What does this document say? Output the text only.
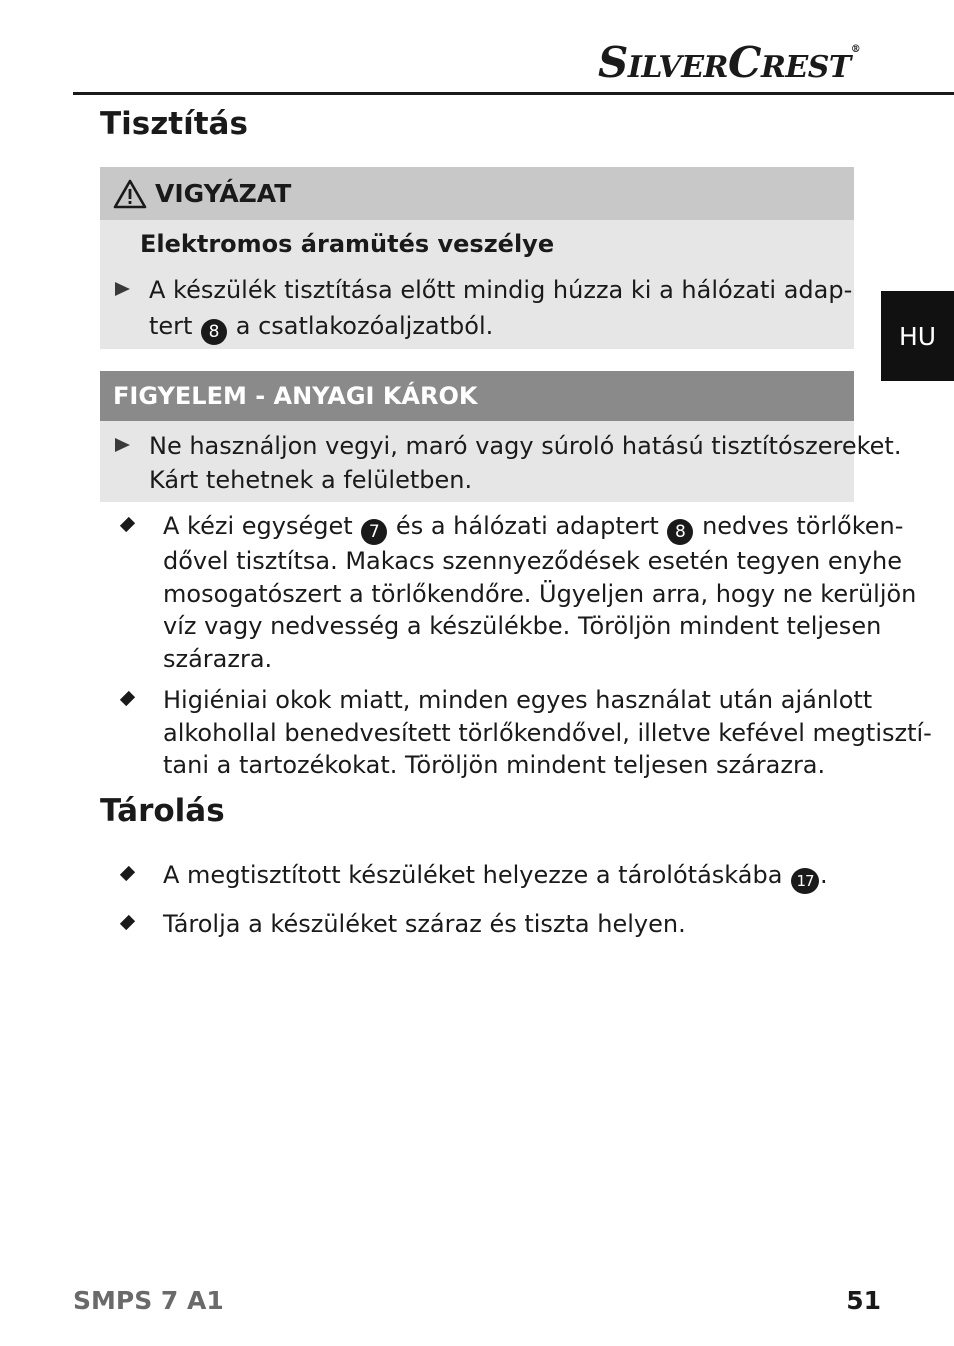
SILVERCREST®
HU
Tisztítás
VIGYÁZAT
Elektromos áramütés veszélye
A készülék tisztítása előtt mindig húzza ki a hálózati adap-
tert 8 a csatlakozóaljzatból.
FIGYELEM - ANYAGI KÁROK
Ne használjon vegyi, maró vagy súroló hatású tisztítószereket.
Kárt tehetnek a felületben.
A kézi egységet 7 és a hálózati adaptert 8 nedves törlőken-
dővel tisztítsa. Makacs szennyeződések esetén tegyen enyhe
mosogatószert a törlőkendőre. Ügyeljen arra, hogy ne kerüljön
víz vagy nedvesség a készülékbe. Töröljön mindent teljesen
szárazra.
Higiéniai okok miatt, minden egyes használat után ajánlott
alkohollal benedvesített törlőkendővel, illetve kefével megtisztí-
tani a tartozékokat. Töröljön mindent teljesen szárazra.
Tárolás
A megtisztított készüléket helyezze a tárolótáskába 17 .
Tárolja a készüléket száraz és tiszta helyen.
SMPS 7 A1	51
